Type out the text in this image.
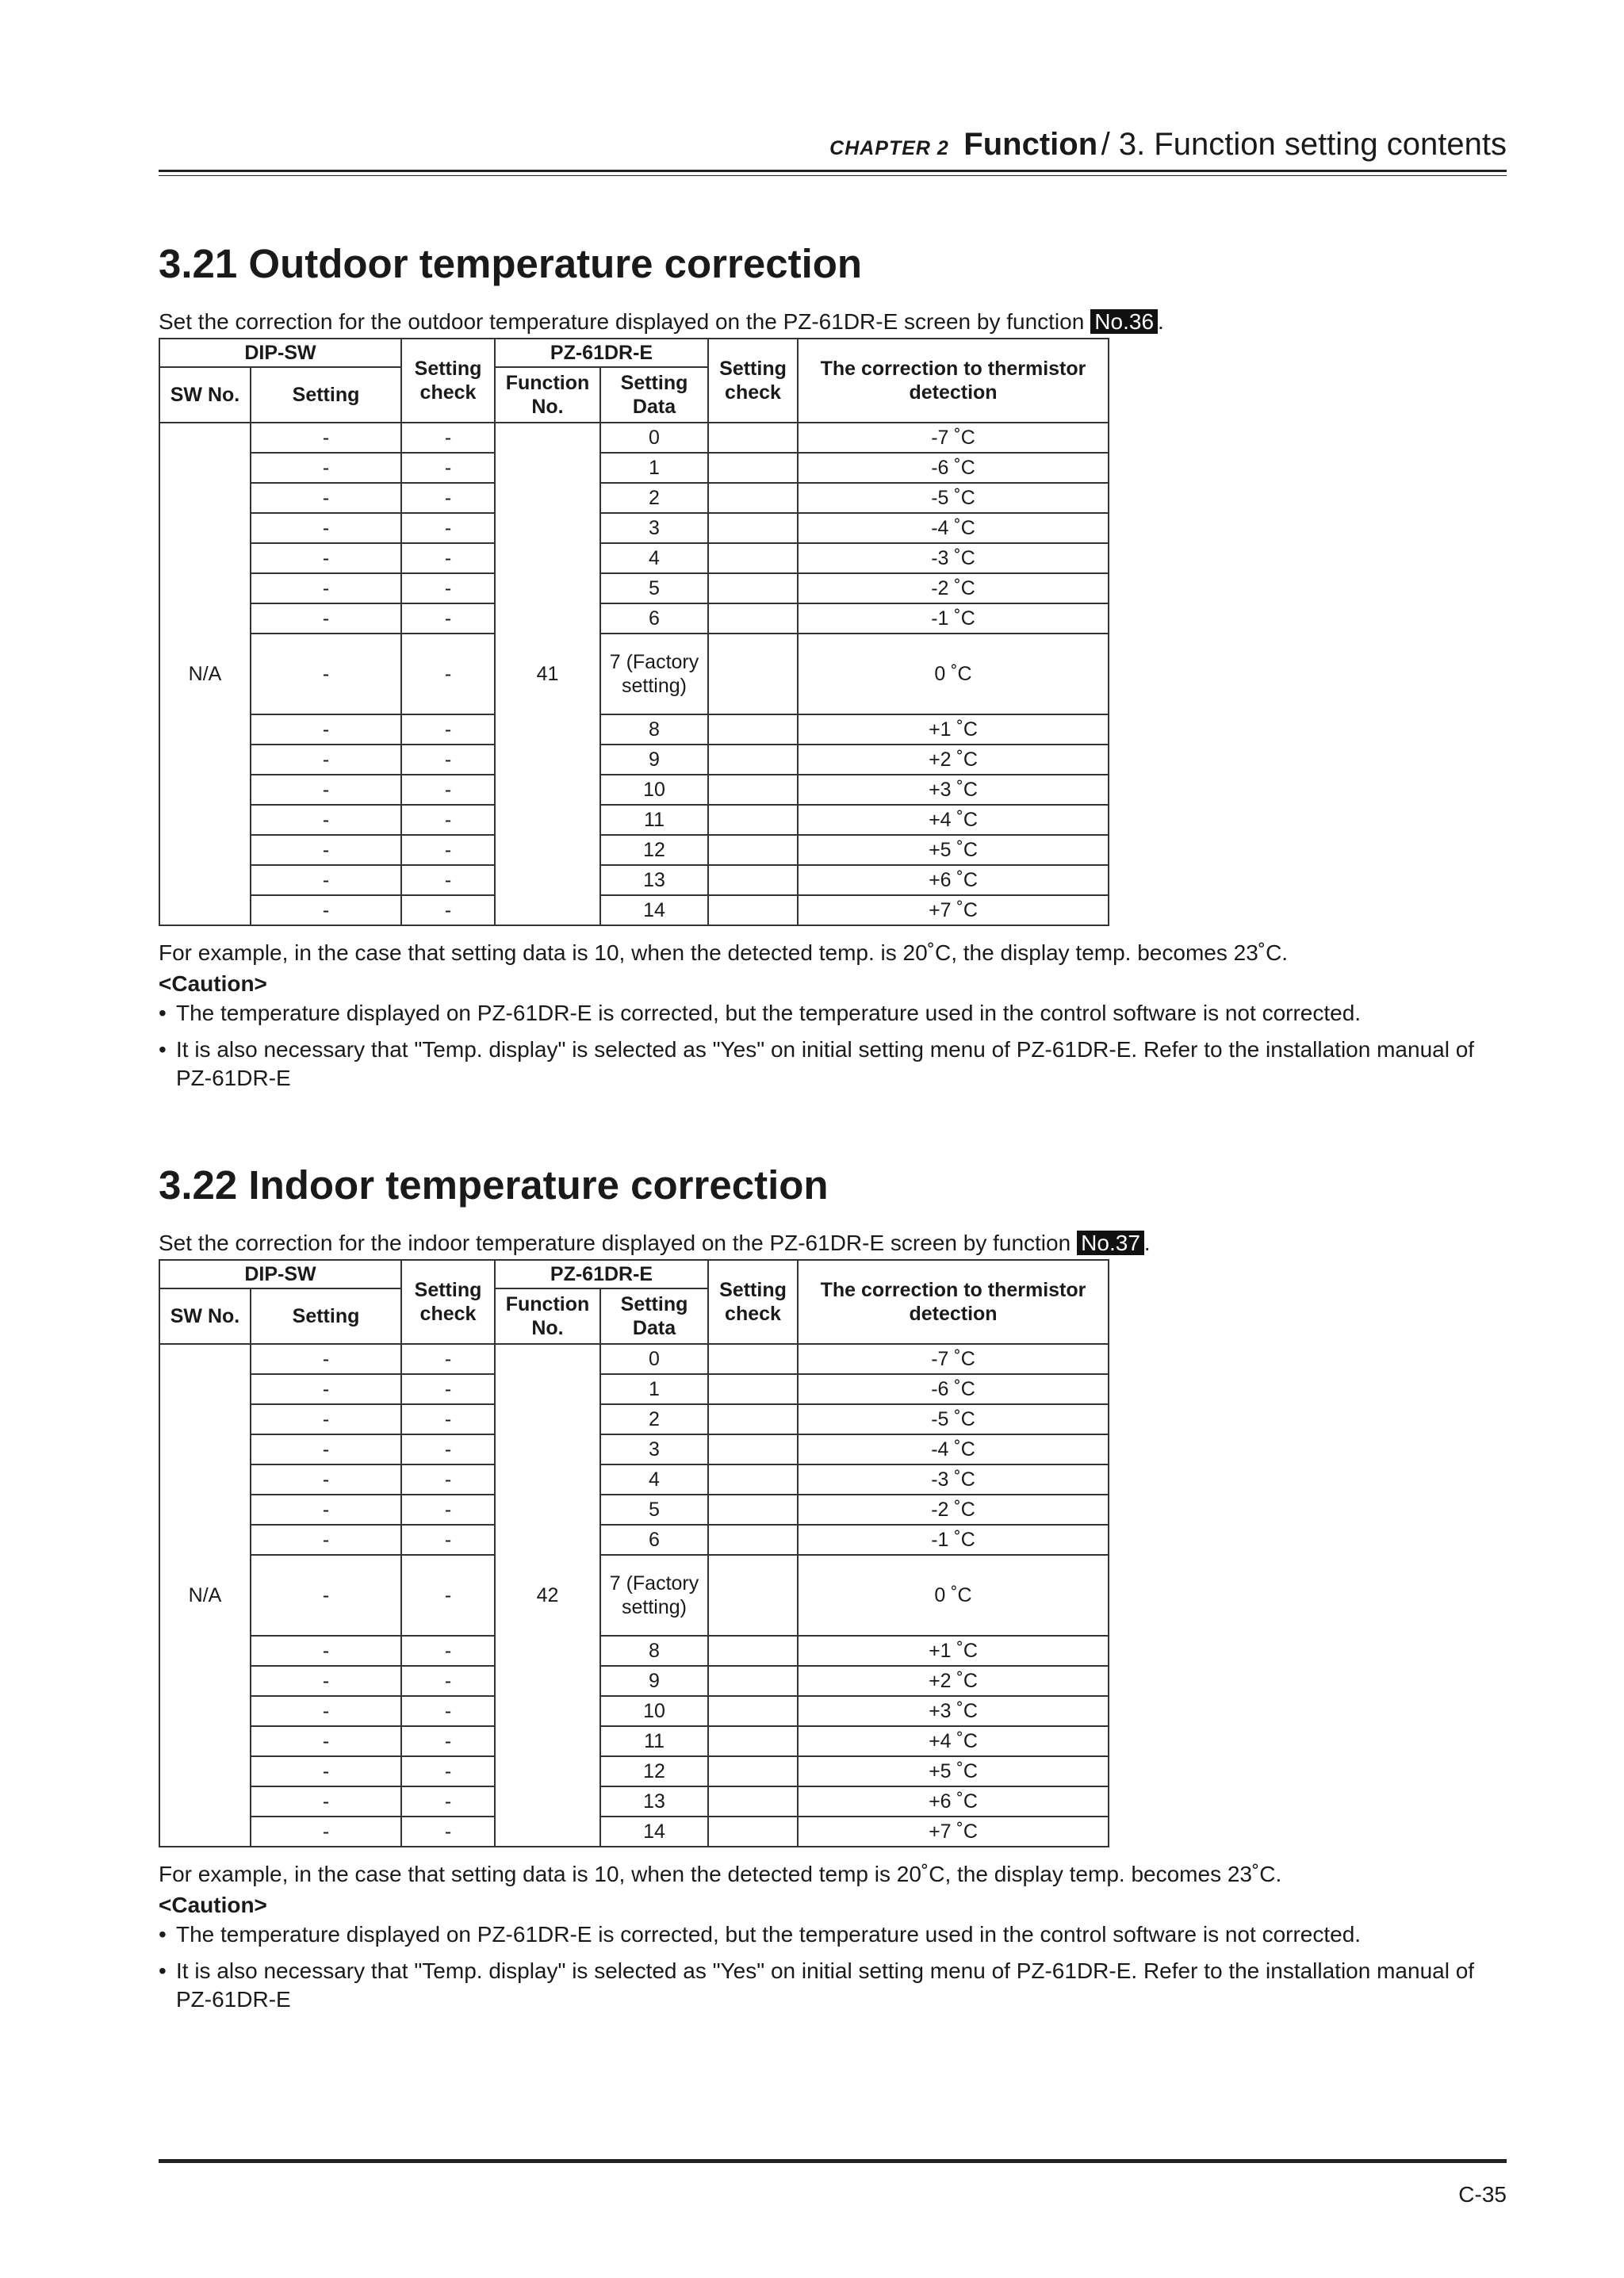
CHAPTER 2 Function / 3. Function setting contents
3.21 Outdoor temperature correction
Set the correction for the outdoor temperature displayed on the PZ-61DR-E screen by function No.36 .
DIP-SW		Setting check	PZ-61DR-E		Setting check	The correction to thermistor detection
SW No.	Setting		Function No.	Setting Data		
N/A	-	-	41	0		-7 ˚C
	-	-		1		-6 ˚C
	-	-		2		-5 ˚C
	-	-		3		-4 ˚C
	-	-		4		-3 ˚C
	-	-		5		-2 ˚C
	-	-		6		-1 ˚C
	-	-		7 (Factory setting)		0 ˚C
	-	-		8		+1 ˚C
	-	-		9		+2 ˚C
	-	-		10		+3 ˚C
	-	-		11		+4 ˚C
	-	-		12		+5 ˚C
	-	-		13		+6 ˚C
	-	-		14		+7 ˚C
For example, in the case that setting data is 10, when the detected temp. is 20˚C, the display temp. becomes 23˚C.
<Caution>
• The temperature displayed on PZ-61DR-E is corrected, but the temperature used in the control software is not corrected.
• It is also necessary that "Temp. display" is selected as "Yes" on initial setting menu of PZ-61DR-E. Refer to the installation manual of PZ-61DR-E
3.22 Indoor temperature correction
Set the correction for the indoor temperature displayed on the PZ-61DR-E screen by function No.37 .
DIP-SW		Setting check	PZ-61DR-E		Setting check	The correction to thermistor detection
SW No.	Setting		Function No.	Setting Data		
N/A	-	-	42	0		-7 ˚C
	-	-		1		-6 ˚C
	-	-		2		-5 ˚C
	-	-		3		-4 ˚C
	-	-		4		-3 ˚C
	-	-		5		-2 ˚C
	-	-		6		-1 ˚C
	-	-		7 (Factory setting)		0 ˚C
	-	-		8		+1 ˚C
	-	-		9		+2 ˚C
	-	-		10		+3 ˚C
	-	-		11		+4 ˚C
	-	-		12		+5 ˚C
	-	-		13		+6 ˚C
	-	-		14		+7 ˚C
For example, in the case that setting data is 10, when the detected temp is 20˚C, the display temp. becomes 23˚C.
<Caution>
• The temperature displayed on PZ-61DR-E is corrected, but the temperature used in the control software is not corrected.
• It is also necessary that "Temp. display" is selected as "Yes" on initial setting menu of PZ-61DR-E. Refer to the installation manual of PZ-61DR-E
C-35
